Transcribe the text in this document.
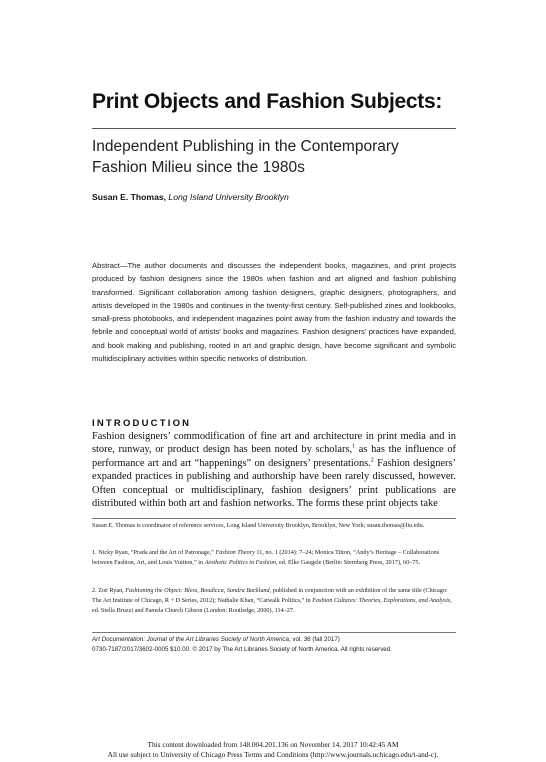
Print Objects and Fashion Subjects:
Independent Publishing in the Contemporary Fashion Milieu since the 1980s
Susan E. Thomas, Long Island University Brooklyn
Abstract—The author documents and discusses the independent books, magazines, and print projects produced by fashion designers since the 1980s when fashion and art aligned and fashion publishing transformed. Significant collaboration among fashion designers, graphic designers, photographers, and artists developed in the 1980s and continues in the twenty-first century. Self-published zines and lookbooks, small-press photobooks, and independent magazines point away from the fashion industry and towards the febrile and conceptual world of artists’ books and magazines. Fashion designers’ practices have expanded, and book making and publishing, rooted in art and graphic design, have become significant and symbolic multidisciplinary activities within specific networks of distribution.
INTRODUCTION
Fashion designers’ commodification of fine art and architecture in print media and in store, runway, or product design has been noted by scholars,$^1$ as has the influence of performance art and art “happenings” on designers’ presentations.$^2$ Fashion designers’ expanded practices in publishing and authorship have been rarely discussed, however. Often conceptual or multidisciplinary, fashion designers’ print publications are distributed within both art and fashion networks. The forms these print objects take
Susan E. Thomas is coordinator of reference services, Long Island University Brooklyn, Brooklyn, New York; susan.thomas@liu.edu.
1. Nicky Ryan, “Prada and the Art of Patronage,” Fashion Theory 11, no. 1 (2014): 7–24; Monica Titton, “Andy’s Heritage – Collaborations between Fashion, Art, and Louis Vuitton,” in Aesthetic Politics in Fashion, ed. Elke Gaugele (Berlin: Sternberg Press, 2017), 60–75.
2. Zoë Ryan, Fashioning the Object: Bless, Boudicca, Sandra Backlund, published in conjunction with an exhibition of the same title (Chicago: The Art Institute of Chicago, R + D Series, 2012); Nathalie Khan, “Catwalk Politics,” in Fashion Cultures: Theories, Explorations, and Analysis, ed. Stella Bruzzi and Pamela Church Gibson (London: Routledge, 2000), 114–27.
Art Documentation: Journal of the Art Libraries Society of North America, vol. 36 (fall 2017)
0730-7187/2017/3602-0005 $10.00. © 2017 by The Art Libraries Society of North America. All rights reserved.
This content downloaded from 148.004.201.136 on November 14, 2017 10:42:45 AM
All use subject to University of Chicago Press Terms and Conditions (http://www.journals.uchicago.edu/t-and-c).
